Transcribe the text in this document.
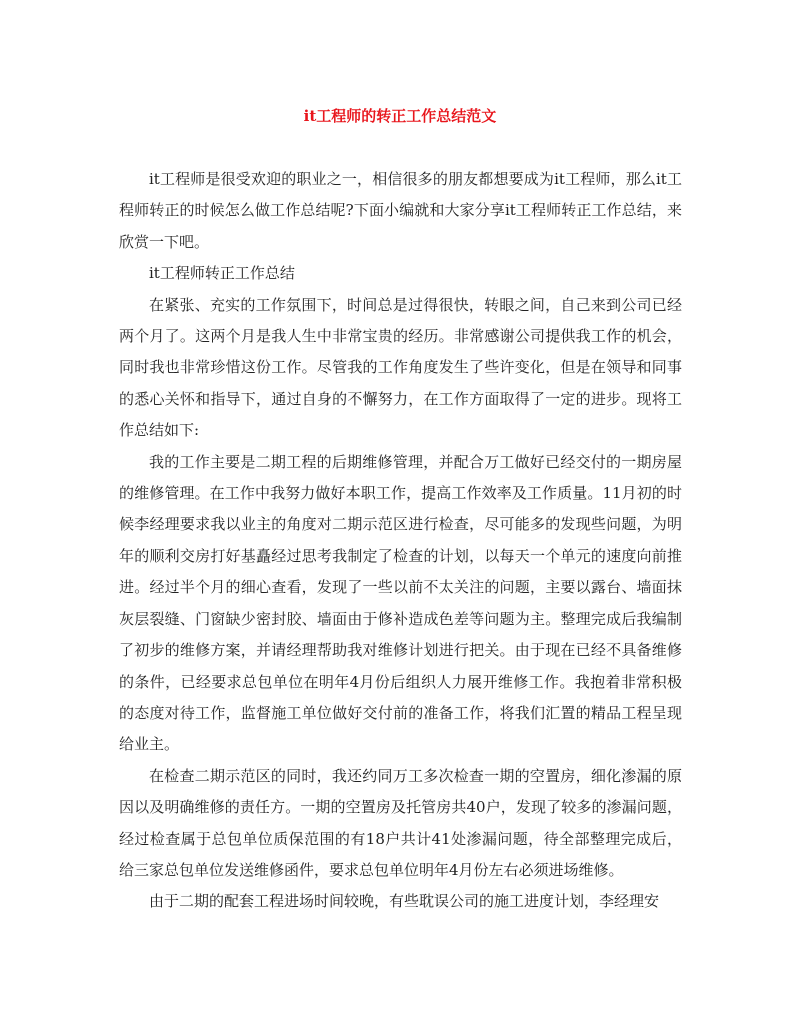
it工程师的转正工作总结范文

it工程师是很受欢迎的职业之一，相信很多的朋友都想要成为it工程师，那么it工程师转正的时候怎么做工作总结呢?下面小编就和大家分享it工程师转正工作总结，来欣赏一下吧。

it工程师转正工作总结

在紧张、充实的工作氛围下，时间总是过得很快，转眼之间，自己来到公司已经两个月了。这两个月是我人生中非常宝贵的经历。非常感谢公司提供我工作的机会，同时我也非常珍惜这份工作。尽管我的工作角度发生了些许变化，但是在领导和同事的悉心关怀和指导下，通过自身的不懈努力，在工作方面取得了一定的进步。现将工作总结如下:

我的工作主要是二期工程的后期维修管理，并配合万工做好已经交付的一期房屋的维修管理。在工作中我努力做好本职工作，提高工作效率及工作质量。11月初的时候李经理要求我以业主的角度对二期示范区进行检查，尽可能多的发现些问题，为明年的顺利交房打好基矗经过思考我制定了检查的计划，以每天一个单元的速度向前推进。经过半个月的细心查看，发现了一些以前不太关注的问题，主要以露台、墙面抹灰层裂缝、门窗缺少密封胶、墙面由于修补造成色差等问题为主。整理完成后我编制了初步的维修方案，并请经理帮助我对维修计划进行把关。由于现在已经不具备维修的条件，已经要求总包单位在明年4月份后组织人力展开维修工作。我抱着非常积极的态度对待工作，监督施工单位做好交付前的准备工作，将我们汇置的精品工程呈现给业主。

在检查二期示范区的同时，我还约同万工多次检查一期的空置房，细化渗漏的原因以及明确维修的责任方。一期的空置房及托管房共40户，发现了较多的渗漏问题，经过检查属于总包单位质保范围的有18户共计41处渗漏问题，待全部整理完成后，给三家总包单位发送维修函件，要求总包单位明年4月份左右必须进场维修。

由于二期的配套工程进场时间较晚，有些耽误公司的施工进度计划，李经理安
